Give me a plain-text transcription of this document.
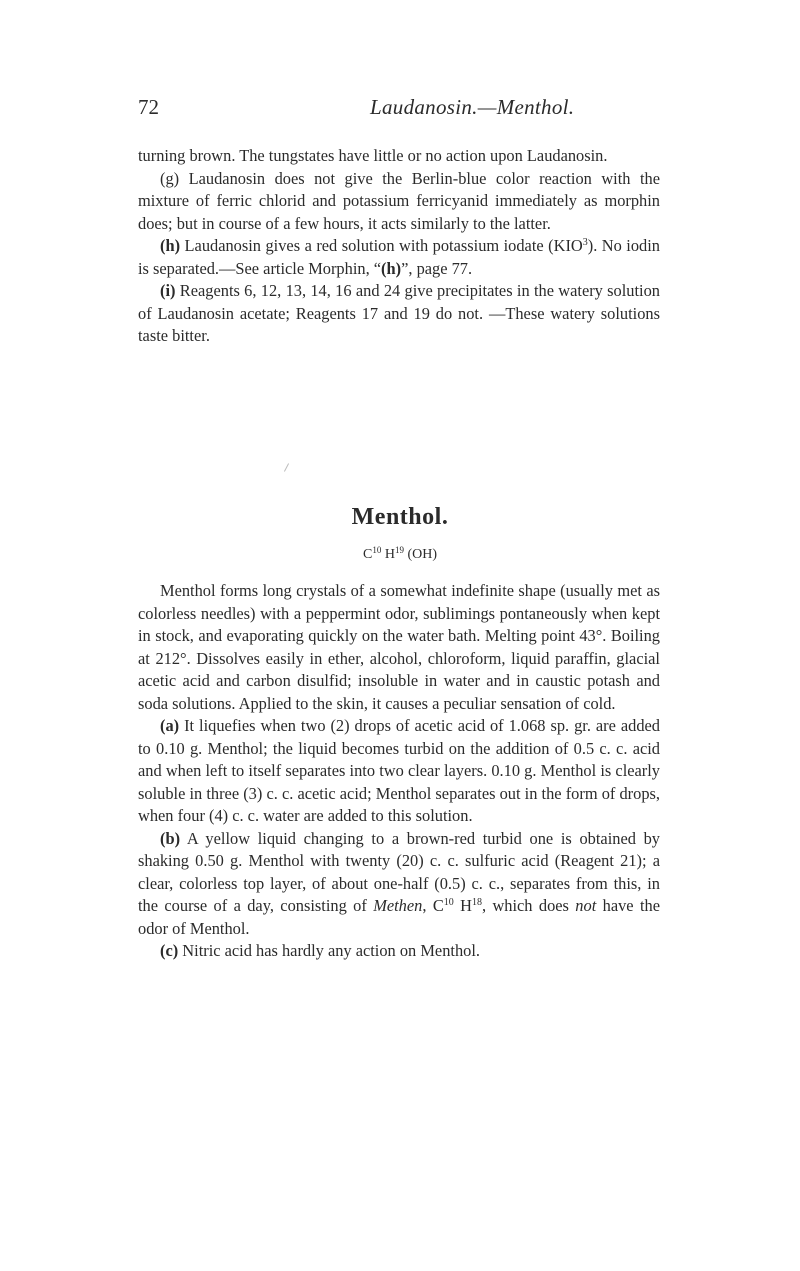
72	Laudanosin.—Menthol.

turning brown. The tungstates have little or no action upon Laudanosin.

(g) Laudanosin does not give the Berlin-blue color reaction with the mixture of ferric chlorid and potassium ferricyanid immediately as morphin does; but in course of a few hours, it acts similarly to the latter.

(h) Laudanosin gives a red solution with potassium iodate (KIO$^3$). No iodin is separated.—See article Morphin, “(h)”, page 77.

(i) Reagents 6, 12, 13, 14, 16 and 24 give precipitates in the watery solution of Laudanosin acetate; Reagents 17 and 19 do not. —These watery solutions taste bitter.

Menthol.
$C^{10}$ $H^{19}$ (OH)

Menthol forms long crystals of a somewhat indefinite shape (usually met as colorless needles) with a peppermint odor, sublimings pontaneously when kept in stock, and evaporating quickly on the water bath. Melting point 43°. Boiling at 212°. Dissolves easily in ether, alcohol, chloroform, liquid paraffin, glacial acetic acid and carbon disulfid; insoluble in water and in caustic potash and soda solutions. Applied to the skin, it causes a peculiar sensation of cold.

(a) It liquefies when two (2) drops of acetic acid of 1.068 sp. gr. are added to 0.10 g. Menthol; the liquid becomes turbid on the addition of 0.5 c. c. acid and when left to itself separates into two clear layers. 0.10 g. Menthol is clearly soluble in three (3) c. c. acetic acid; Menthol separates out in the form of drops, when four (4) c. c. water are added to this solution.

(b) A yellow liquid changing to a brown-red turbid one is obtained by shaking 0.50 g. Menthol with twenty (20) c. c. sulfuric acid (Reagent 21); a clear, colorless top layer, of about one-half (0.5) c. c., separates from this, in the course of a day, consisting of Methen, $C^{10}$ $H^{18}$, which does not have the odor of Menthol.

(c) Nitric acid has hardly any action on Menthol.
